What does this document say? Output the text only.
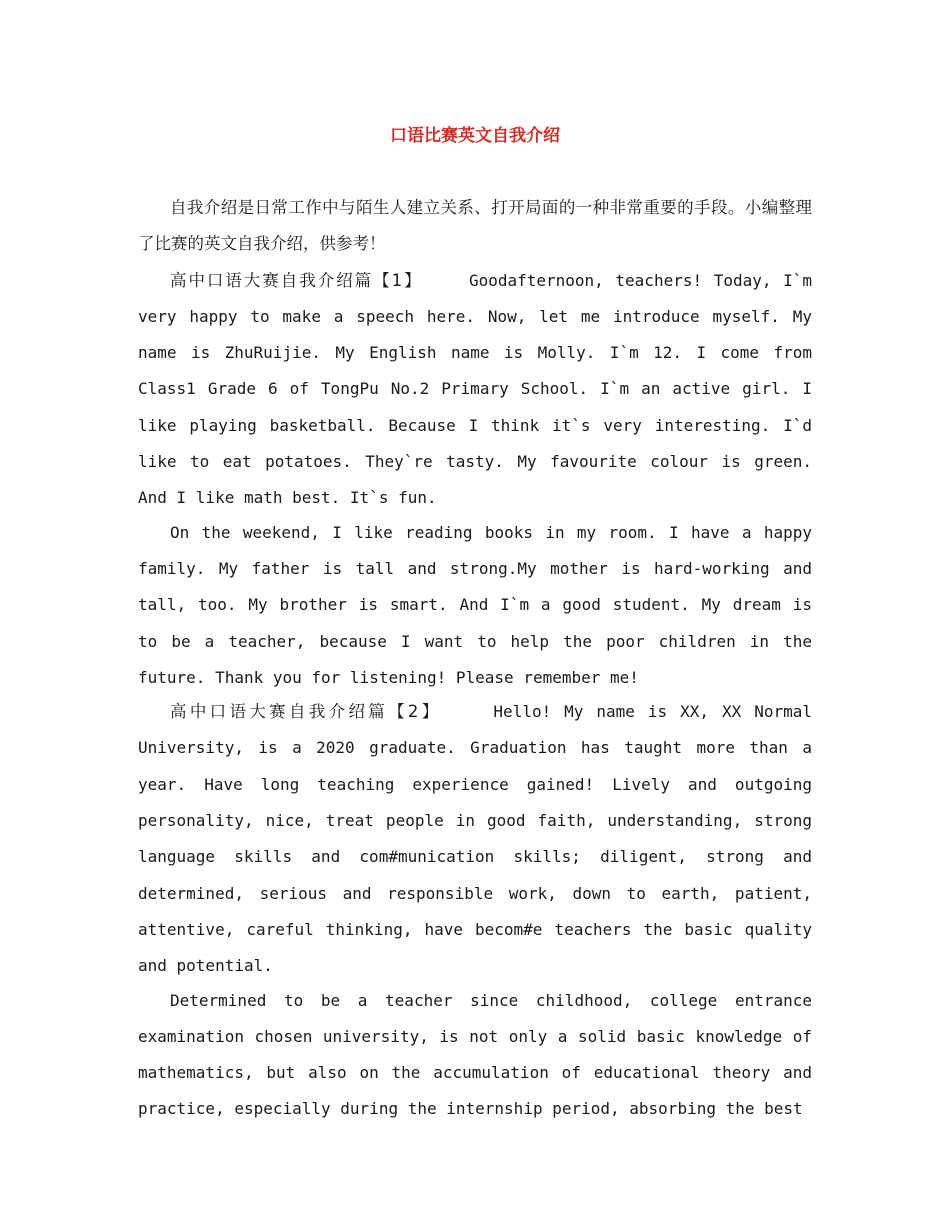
口语比赛英文自我介绍

自我介绍是日常工作中与陌生人建立关系、打开局面的一种非常重要的手段。小编整理了比赛的英文自我介绍，供参考！

高中口语大赛自我介绍篇【1】	Goodafternoon, teachers! Today, I`m very happy to make a speech here. Now, let me introduce myself. My name is ZhuRuijie. My English name is Molly. I`m 12. I come from Class1 Grade 6 of TongPu No.2 Primary School. I`m an active girl. I like playing basketball. Because I think it`s very interesting. I`d like to eat potatoes. They`re tasty. My favourite colour is green. And I like math best. It`s fun.

On the weekend, I like reading books in my room. I have a happy family. My father is tall and strong.My mother is hard-working and tall, too. My brother is smart. And I`m a good student. My dream is to be a teacher, because I want to help the poor children in the future. Thank you for listening! Please remember me!

高中口语大赛自我介绍篇【2】	Hello! My name is XX, XX Normal University, is a 2020 graduate. Graduation has taught more than a year. Have long teaching experience gained! Lively and outgoing personality, nice, treat people in good faith, understanding, strong language skills and com#munication skills; diligent, strong and determined, serious and responsible work, down to earth, patient, attentive, careful thinking, have becom#e teachers the basic quality and potential.

Determined to be a teacher since childhood, college entrance examination chosen university, is not only a solid basic knowledge of mathematics, but also on the accumulation of educational theory and practice, especially during the internship period, absorbing the best
